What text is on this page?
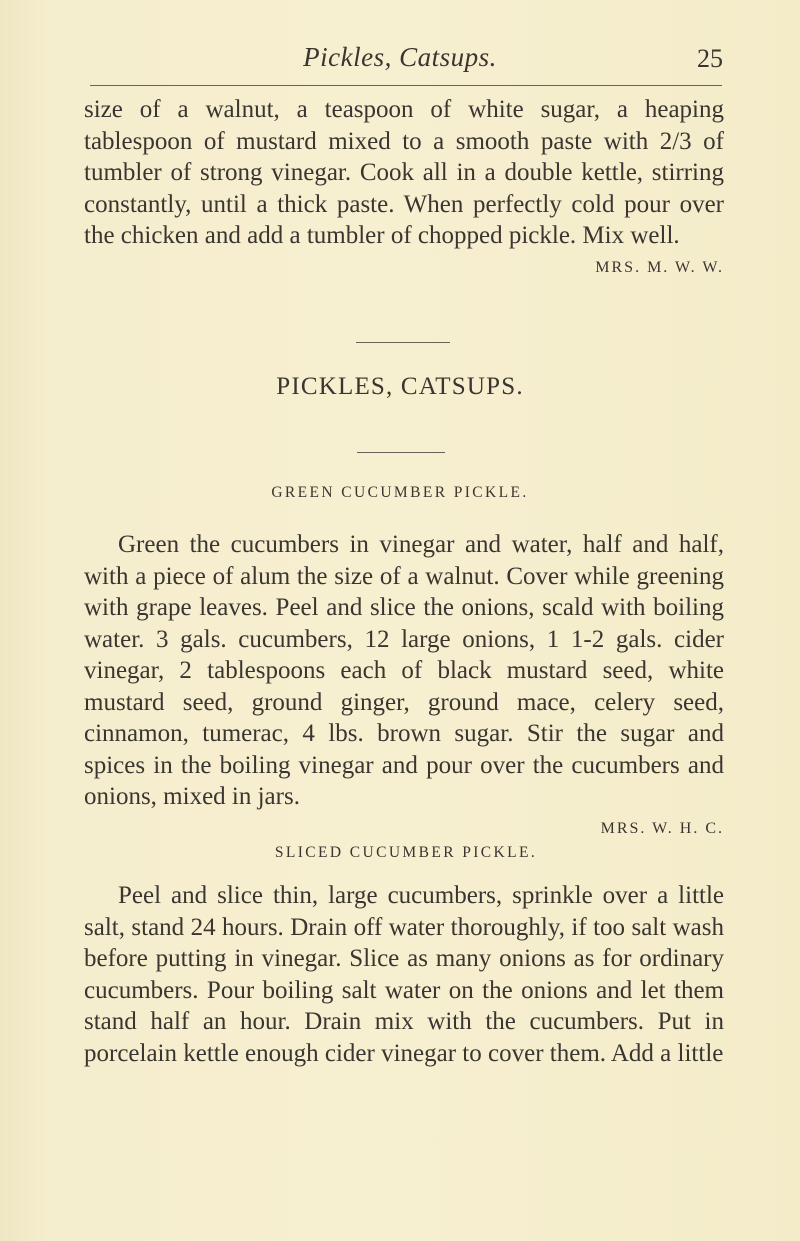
Pickles, Catsups.	25
size of a walnut, a teaspoon of white sugar, a heaping tablespoon of mustard mixed to a smooth paste with 2/3 of tumbler of strong vinegar. Cook all in a double kettle, stirring constantly, until a thick paste. When perfectly cold pour over the chicken and add a tumbler of chopped pickle. Mix well.
MRS. M. W. W.
PICKLES, CATSUPS.
GREEN CUCUMBER PICKLE.
Green the cucumbers in vinegar and water, half and half, with a piece of alum the size of a walnut. Cover while greening with grape leaves. Peel and slice the onions, scald with boiling water. 3 gals. cucumbers, 12 large onions, 1 1-2 gals. cider vinegar, 2 tablespoons each of black mustard seed, white mustard seed, ground ginger, ground mace, celery seed, cinnamon, tumerac, 4 lbs. brown sugar. Stir the sugar and spices in the boiling vinegar and pour over the cucumbers and onions, mixed in jars.
MRS. W. H. C.
SLICED CUCUMBER PICKLE.
Peel and slice thin, large cucumbers, sprinkle over a little salt, stand 24 hours. Drain off water thoroughly, if too salt wash before putting in vinegar. Slice as many onions as for ordinary cucumbers. Pour boiling salt water on the onions and let them stand half an hour. Drain mix with the cucumbers. Put in porcelain kettle enough cider vinegar to cover them. Add a little
